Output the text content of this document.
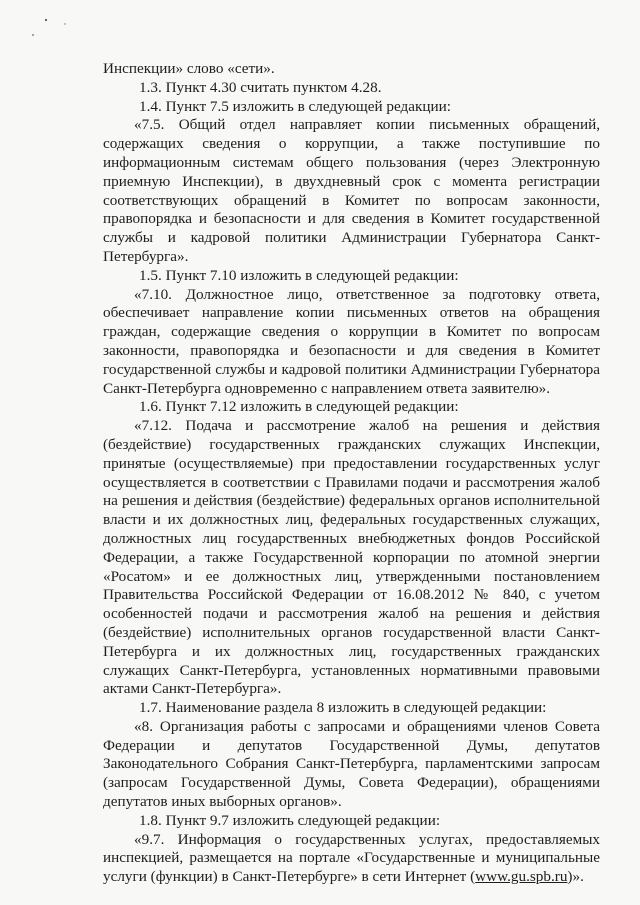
Инспекции» слово «сети».

1.3. Пункт 4.30 считать пунктом 4.28.

1.4. Пункт 7.5 изложить в следующей редакции:

«7.5. Общий отдел направляет копии письменных обращений, содержащих сведения о коррупции, а также поступившие по информационным системам общего пользования (через Электронную приемную Инспекции), в двухдневный срок с момента регистрации соответствующих обращений в Комитет по вопросам законности, правопорядка и безопасности и для сведения в Комитет государственной службы и кадровой политики Администрации Губернатора Санкт-Петербурга».

1.5. Пункт 7.10 изложить в следующей редакции:

«7.10. Должностное лицо, ответственное за подготовку ответа, обеспечивает направление копии письменных ответов на обращения граждан, содержащие сведения о коррупции в Комитет по вопросам законности, правопорядка и безопасности и для сведения в Комитет государственной службы и кадровой политики Администрации Губернатора Санкт-Петербурга одновременно с направлением ответа заявителю».

1.6. Пункт 7.12 изложить в следующей редакции:

«7.12. Подача и рассмотрение жалоб на решения и действия (бездействие) государственных гражданских служащих Инспекции, принятые (осуществляемые) при предоставлении государственных услуг осуществляется в соответствии с Правилами подачи и рассмотрения жалоб на решения и действия (бездействие) федеральных органов исполнительной власти и их должностных лиц, федеральных государственных служащих, должностных лиц государственных внебюджетных фондов Российской Федерации, а также Государственной корпорации по атомной энергии «Росатом» и ее должностных лиц, утвержденными постановлением Правительства Российской Федерации от 16.08.2012 № 840, с учетом особенностей подачи и рассмотрения жалоб на решения и действия (бездействие) исполнительных органов государственной власти Санкт-Петербурга и их должностных лиц, государственных гражданских служащих Санкт-Петербурга, установленных нормативными правовыми актами Санкт-Петербурга».

1.7. Наименование раздела 8 изложить в следующей редакции:

«8. Организация работы с запросами и обращениями членов Совета Федерации и депутатов Государственной Думы, депутатов Законодательного Собрания Санкт-Петербурга, парламентскими запросам (запросам Государственной Думы, Совета Федерации), обращениями депутатов иных выборных органов».

1.8. Пункт 9.7 изложить следующей редакции:

«9.7. Информация о государственных услугах, предоставляемых инспекцией, размещается на портале «Государственные и муниципальные услуги (функции) в Санкт-Петербурге» в сети Интернет (www.gu.spb.ru)».
